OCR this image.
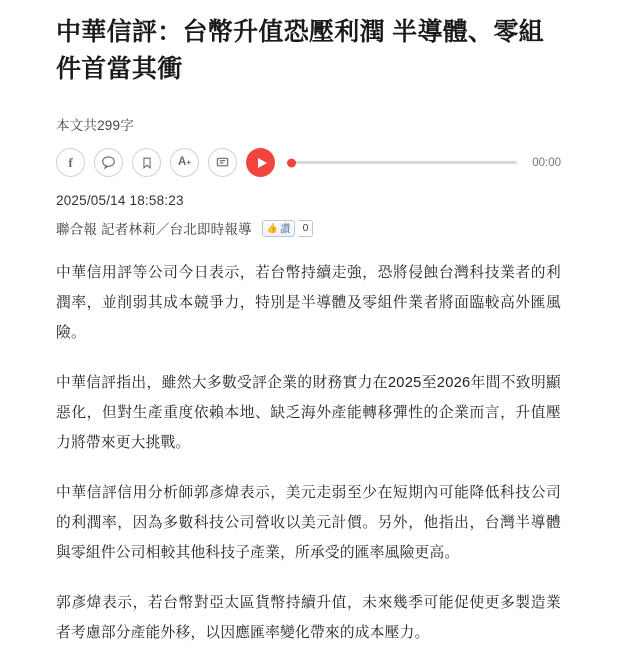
中華信評：台幣升值恐壓利潤 半導體、零組件首當其衝
本文共299字
f	A+	00:00
2025/05/14 18:58:23
聯合報 記者林莉／台北即時報導 👍 讚	0

中華信用評等公司今日表示，若台幣持續走強，恐將侵蝕台灣科技業者的利潤率，並削弱其成本競爭力，特別是半導體及零組件業者將面臨較高外匯風險。

中華信評指出，雖然大多數受評企業的財務實力在2025至2026年間不致明顯惡化，但對生產重度依賴本地、缺乏海外產能轉移彈性的企業而言，升值壓力將帶來更大挑戰。

中華信評信用分析師郭彥煒表示，美元走弱至少在短期內可能降低科技公司的利潤率，因為多數科技公司營收以美元計價。另外，他指出，台灣半導體與零組件公司相較其他科技子產業，所承受的匯率風險更高。

郭彥煒表示，若台幣對亞太區貨幣持續升值，未來幾季可能促使更多製造業者考慮部分產能外移，以因應匯率變化帶來的成本壓力。
